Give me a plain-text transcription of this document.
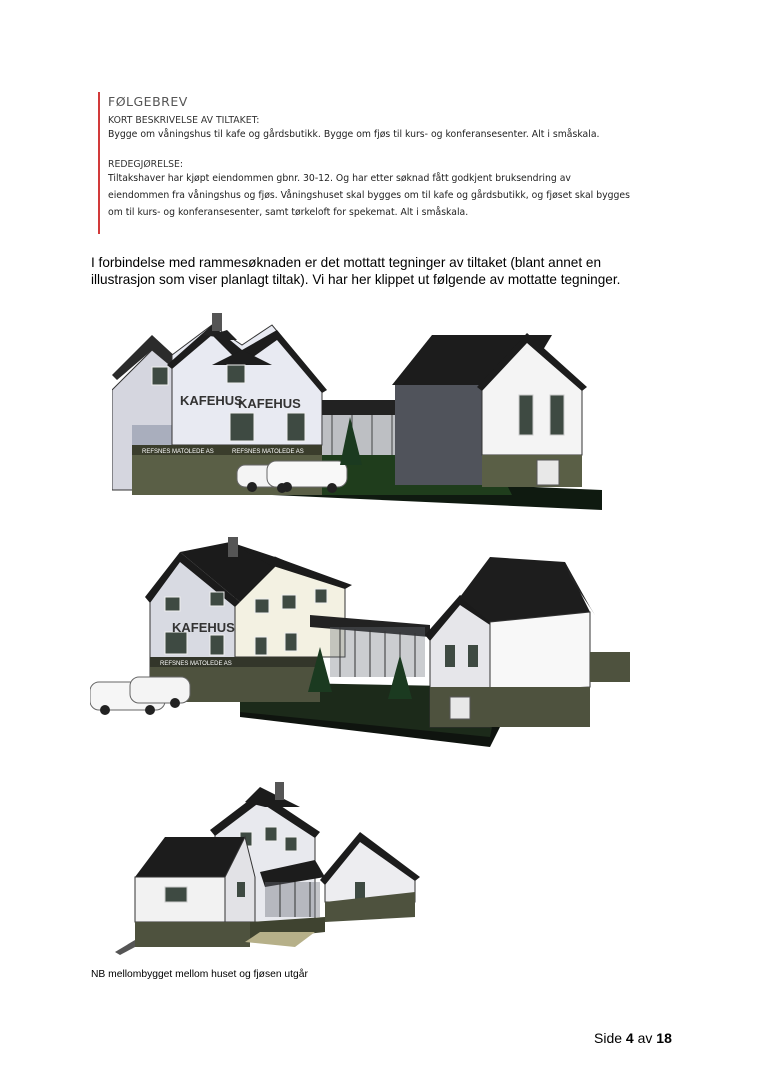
FØLGEBREV
KORT BESKRIVELSE AV TILTAKET:
Bygge om våningshus til kafe og gårdsbutikk. Bygge om fjøs til kurs- og konferansesenter. Alt i småskala.
REDEGJØRELSE:
Tiltakshaver har kjøpt eiendommen gbnr. 30-12. Og har etter søknad fått godkjent bruksendring av
eiendommen fra våningshus og fjøs. Våningshuset skal bygges om til kafe og gårdsbutikk, og fjøset skal bygges
om til kurs- og konferansesenter, samt tørkeloft for spekemat. Alt i småskala.
I forbindelse med rammesøknaden er det mottatt tegninger av tiltaket (blant annet en
illustrasjon som viser planlagt tiltak). Vi har her klippet ut følgende av mottatte tegninger.
KAFEHUS
KAFEHUS
REFSNES MATOLEDE AS	REFSNES MATOLEDE AS
KAFEHUS
REFSNES MATOLEDE AS
NB mellombygget mellom huset og fjøsen utgår
Side 4 av 18
